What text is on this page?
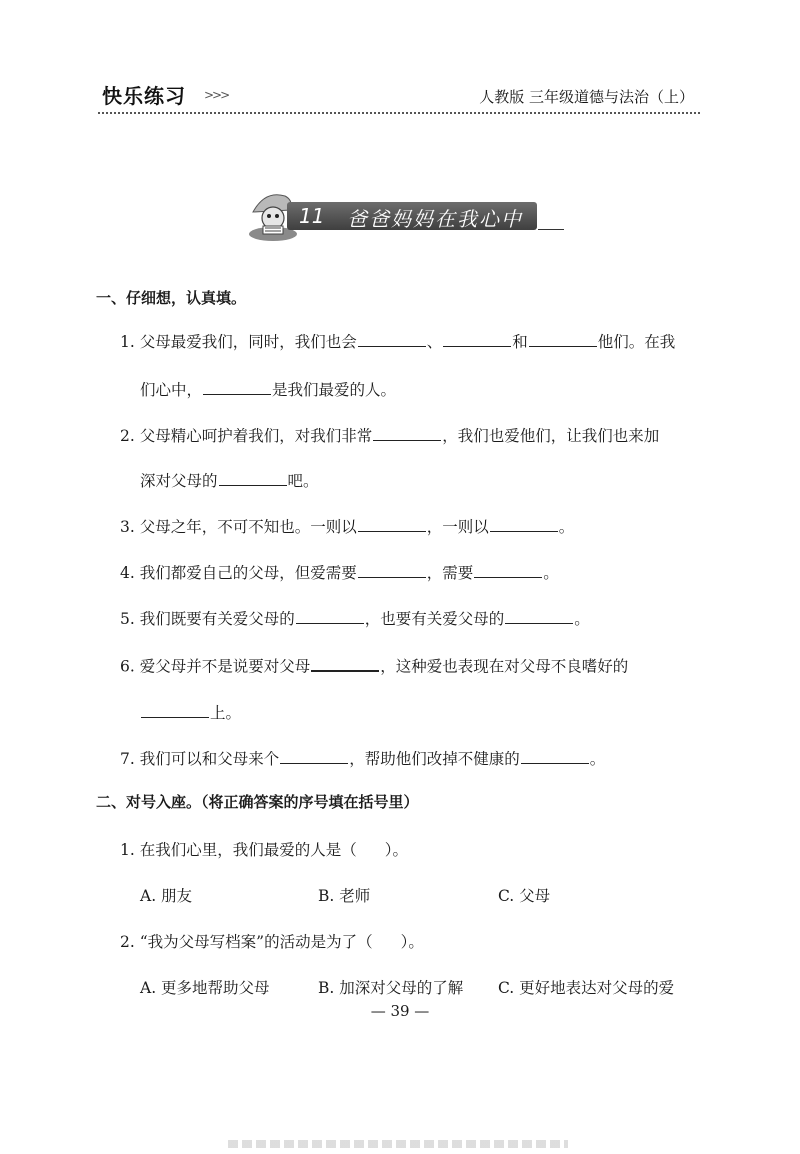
快乐练习 >>>	人教版 三年级道德与法治（上）
11 爸爸妈妈在我心中
一、仔细想，认真填。
1. 父母最爱我们，同时，我们也会	、	和	他们。在我
们心中，	是我们最爱的人。
2. 父母精心呵护着我们，对我们非常	，我们也爱他们，让我们也来加
深对父母的	吧。
3. 父母之年，不可不知也。一则以	，一则以	。
4. 我们都爱自己的父母，但爱需要	，需要	。
5. 我们既要有关爱父母的	，也要有关爱父母的	。
6. 爱父母并不是说要对父母	，这种爱也表现在对父母不良嗜好的
上。
7. 我们可以和父母来个	，帮助他们改掉不健康的	。
二、对号入座。（将正确答案的序号填在括号里）
1. 在我们心里，我们最爱的人是（ ）。
A. 朋友	B. 老师	C. 父母
2. “我为父母写档案”的活动是为了（ ）。
A. 更多地帮助父母	B. 加深对父母的了解 C. 更好地表达对父母的爱
— 39 —
